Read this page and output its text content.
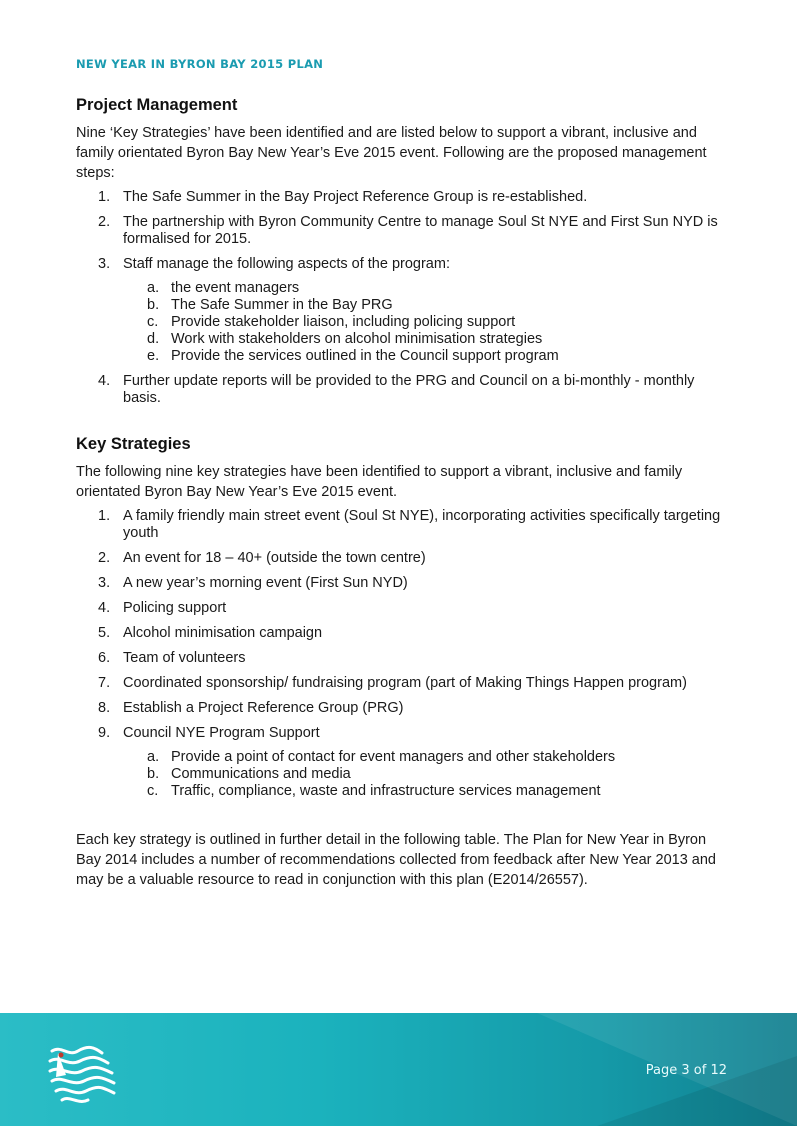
NEW YEAR IN BYRON BAY 2015 PLAN
Project Management

Nine ‘Key Strategies’ have been identified and are listed below to support a vibrant, inclusive and family orientated Byron Bay New Year’s Eve 2015 event. Following are the proposed management steps:

1. The Safe Summer in the Bay Project Reference Group is re-established.
2. The partnership with Byron Community Centre to manage Soul St NYE and First Sun NYD is formalised for 2015.
3. Staff manage the following aspects of the program:
a. the event managers
b. The Safe Summer in the Bay PRG
c. Provide stakeholder liaison, including policing support
d. Work with stakeholders on alcohol minimisation strategies
e. Provide the services outlined in the Council support program
4. Further update reports will be provided to the PRG and Council on a bi-monthly - monthly basis.
Key Strategies

The following nine key strategies have been identified to support a vibrant, inclusive and family orientated Byron Bay New Year’s Eve 2015 event.

1. A family friendly main street event (Soul St NYE), incorporating activities specifically targeting youth
2. An event for 18 – 40+ (outside the town centre)
3. A new year’s morning event (First Sun NYD)
4. Policing support
5. Alcohol minimisation campaign
6. Team of volunteers
7. Coordinated sponsorship/ fundraising program (part of Making Things Happen program)
8. Establish a Project Reference Group (PRG)
9. Council NYE Program Support
a. Provide a point of contact for event managers and other stakeholders
b. Communications and media
c. Traffic, compliance, waste and infrastructure services management

Each key strategy is outlined in further detail in the following table. The Plan for New Year in Byron Bay 2014 includes a number of recommendations collected from feedback after New Year 2013 and may be a valuable resource to read in conjunction with this plan (E2014/26557).

Page 3 of 12
